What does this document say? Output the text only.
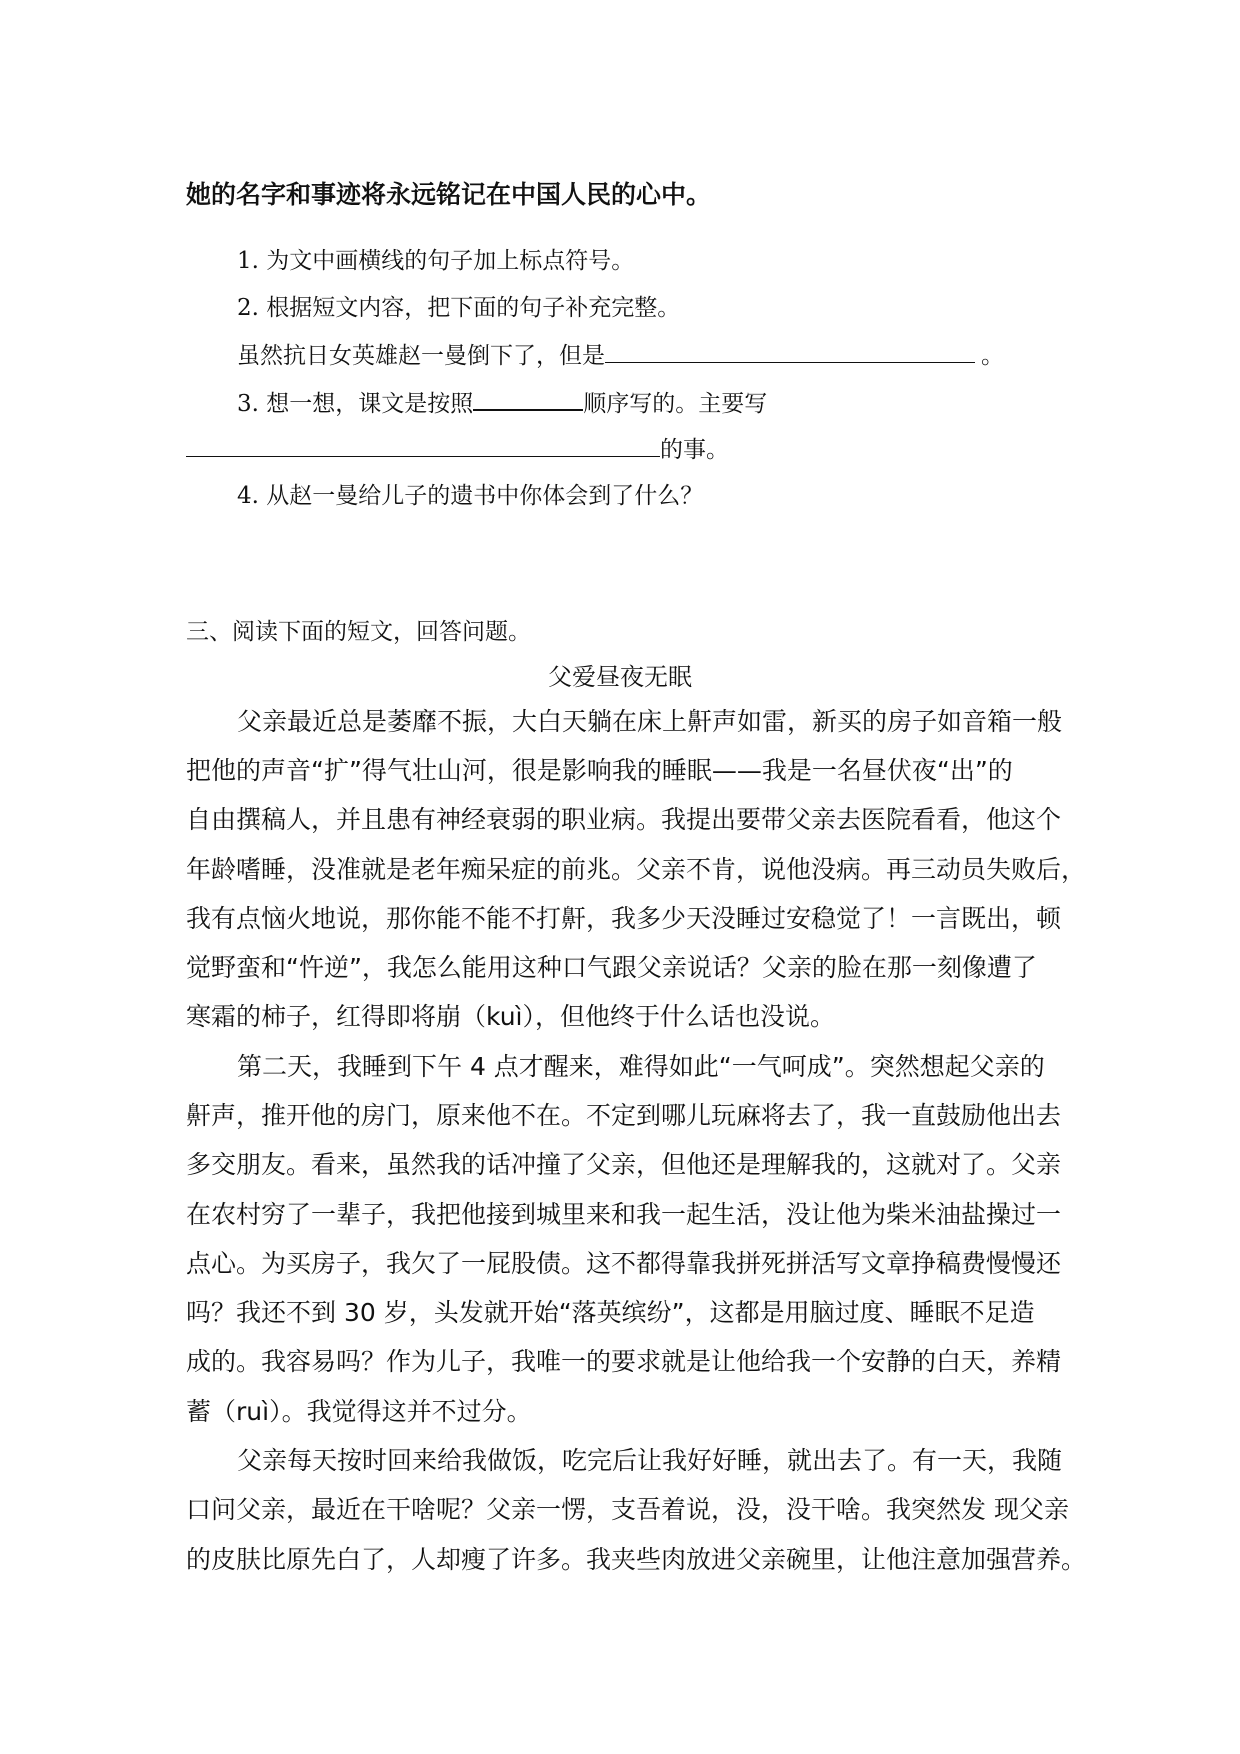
她的名字和事迹将永远铭记在中国人民的心中。
1. 为文中画横线的句子加上标点符号。
2. 根据短文内容，把下面的句子补充完整。
虽然抗日女英雄赵一曼倒下了，但是	。
3. 想一想，课文是按照	顺序写的。主要写
的事。
4. 从赵一曼给儿子的遗书中你体会到了什么？
三、阅读下面的短文，回答问题。
父爱昼夜无眠
父亲最近总是萎靡不振，大白天躺在床上鼾声如雷，新买的房子如音箱一般
把他的声音“扩”得气壮山河，很是影响我的睡眠——我是一名昼伏夜“出”的
自由撰稿人，并且患有神经衰弱的职业病。我提出要带父亲去医院看看，他这个
年龄嗜睡，没准就是老年痴呆症的前兆。父亲不肯，说他没病。再三动员失败后，
我有点恼火地说，那你能不能不打鼾，我多少天没睡过安稳觉了！一言既出，顿
觉野蛮和“忤逆”，我怎么能用这种口气跟父亲说话？父亲的脸在那一刻像遭了
寒霜的柿子，红得即将崩（kuì），但他终于什么话也没说。
第二天，我睡到下午 4 点才醒来，难得如此“一气呵成”。突然想起父亲的
鼾声，推开他的房门，原来他不在。不定到哪儿玩麻将去了，我一直鼓励他出去
多交朋友。看来，虽然我的话冲撞了父亲，但他还是理解我的，这就对了。父亲
在农村穷了一辈子，我把他接到城里来和我一起生活，没让他为柴米油盐操过一
点心。为买房子，我欠了一屁股债。这不都得靠我拼死拼活写文章挣稿费慢慢还
吗？我还不到 30 岁，头发就开始“落英缤纷”，这都是用脑过度、睡眠不足造
成的。我容易吗？作为儿子，我唯一的要求就是让他给我一个安静的白天，养精
蓄（ruì）。我觉得这并不过分。
父亲每天按时回来给我做饭，吃完后让我好好睡，就出去了。有一天，我随
口问父亲，最近在干啥呢？父亲一愣，支吾着说，没，没干啥。我突然发 现父亲
的皮肤比原先白了，人却瘦了许多。我夹些肉放进父亲碗里，让他注意加强营养。
